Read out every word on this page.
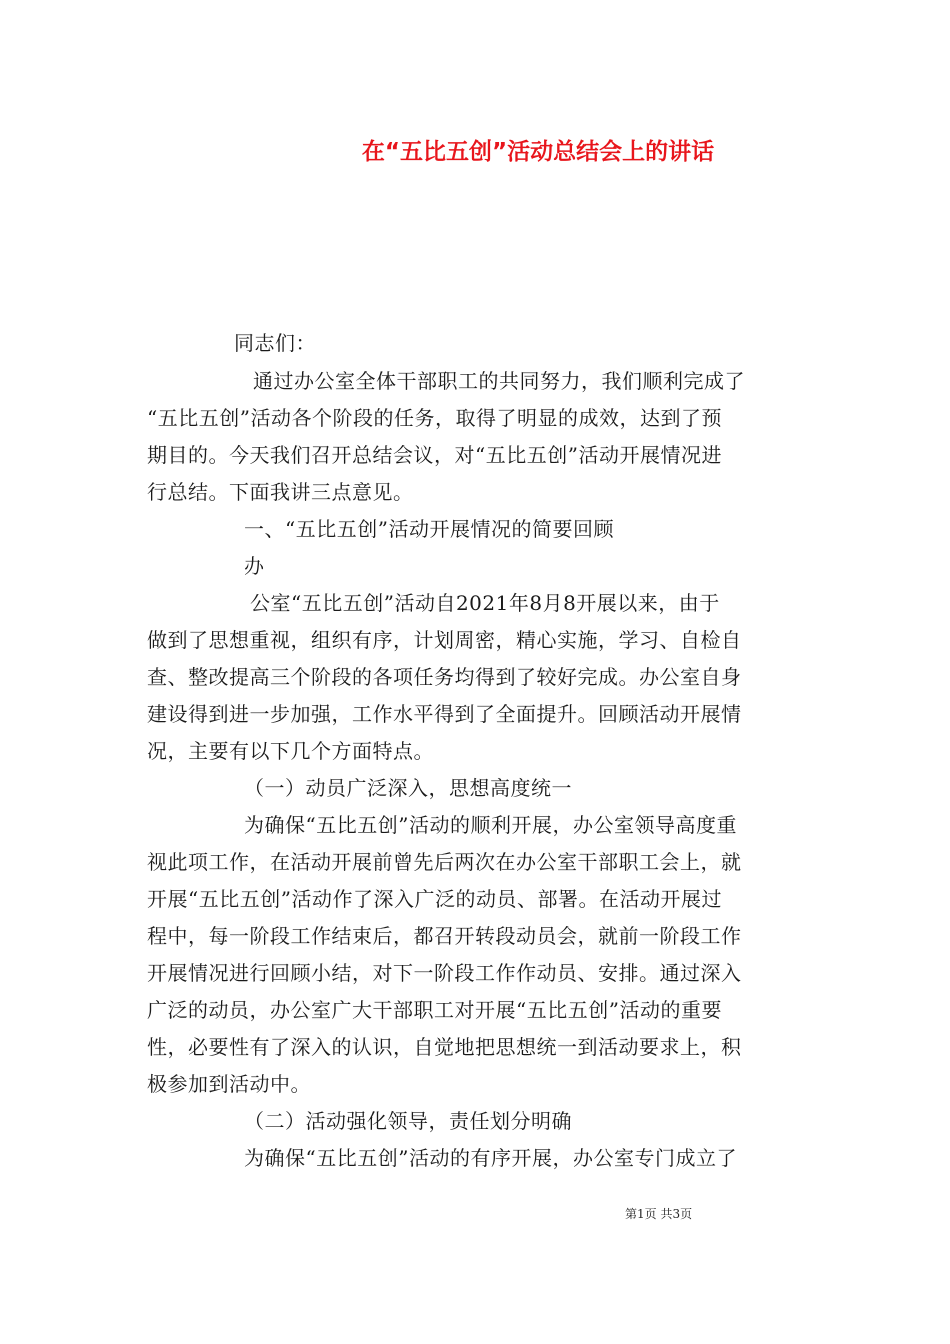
在“五比五创”活动总结会上的讲话
同志们：
通过办公室全体干部职工的共同努力，我们顺利完成了
“五比五创”活动各个阶段的任务，取得了明显的成效，达到了预
期目的。今天我们召开总结会议，对“五比五创”活动开展情况进
行总结。下面我讲三点意见。
一、“五比五创”活动开展情况的简要回顾
办
公室“五比五创”活动自2021年8月8开展以来，由于
做到了思想重视，组织有序，计划周密，精心实施，学习、自检自
查、整改提高三个阶段的各项任务均得到了较好完成。办公室自身
建设得到进一步加强，工作水平得到了全面提升。回顾活动开展情
况，主要有以下几个方面特点。
（一）动员广泛深入，思想高度统一
为确保“五比五创”活动的顺利开展，办公室领导高度重
视此项工作，在活动开展前曾先后两次在办公室干部职工会上，就
开展“五比五创”活动作了深入广泛的动员、部署。在活动开展过
程中，每一阶段工作结束后，都召开转段动员会，就前一阶段工作
开展情况进行回顾小结，对下一阶段工作作动员、安排。通过深入
广泛的动员，办公室广大干部职工对开展“五比五创”活动的重要
性，必要性有了深入的认识，自觉地把思想统一到活动要求上，积
极参加到活动中。
（二）活动强化领导，责任划分明确
为确保“五比五创”活动的有序开展，办公室专门成立了
第1页 共3页
